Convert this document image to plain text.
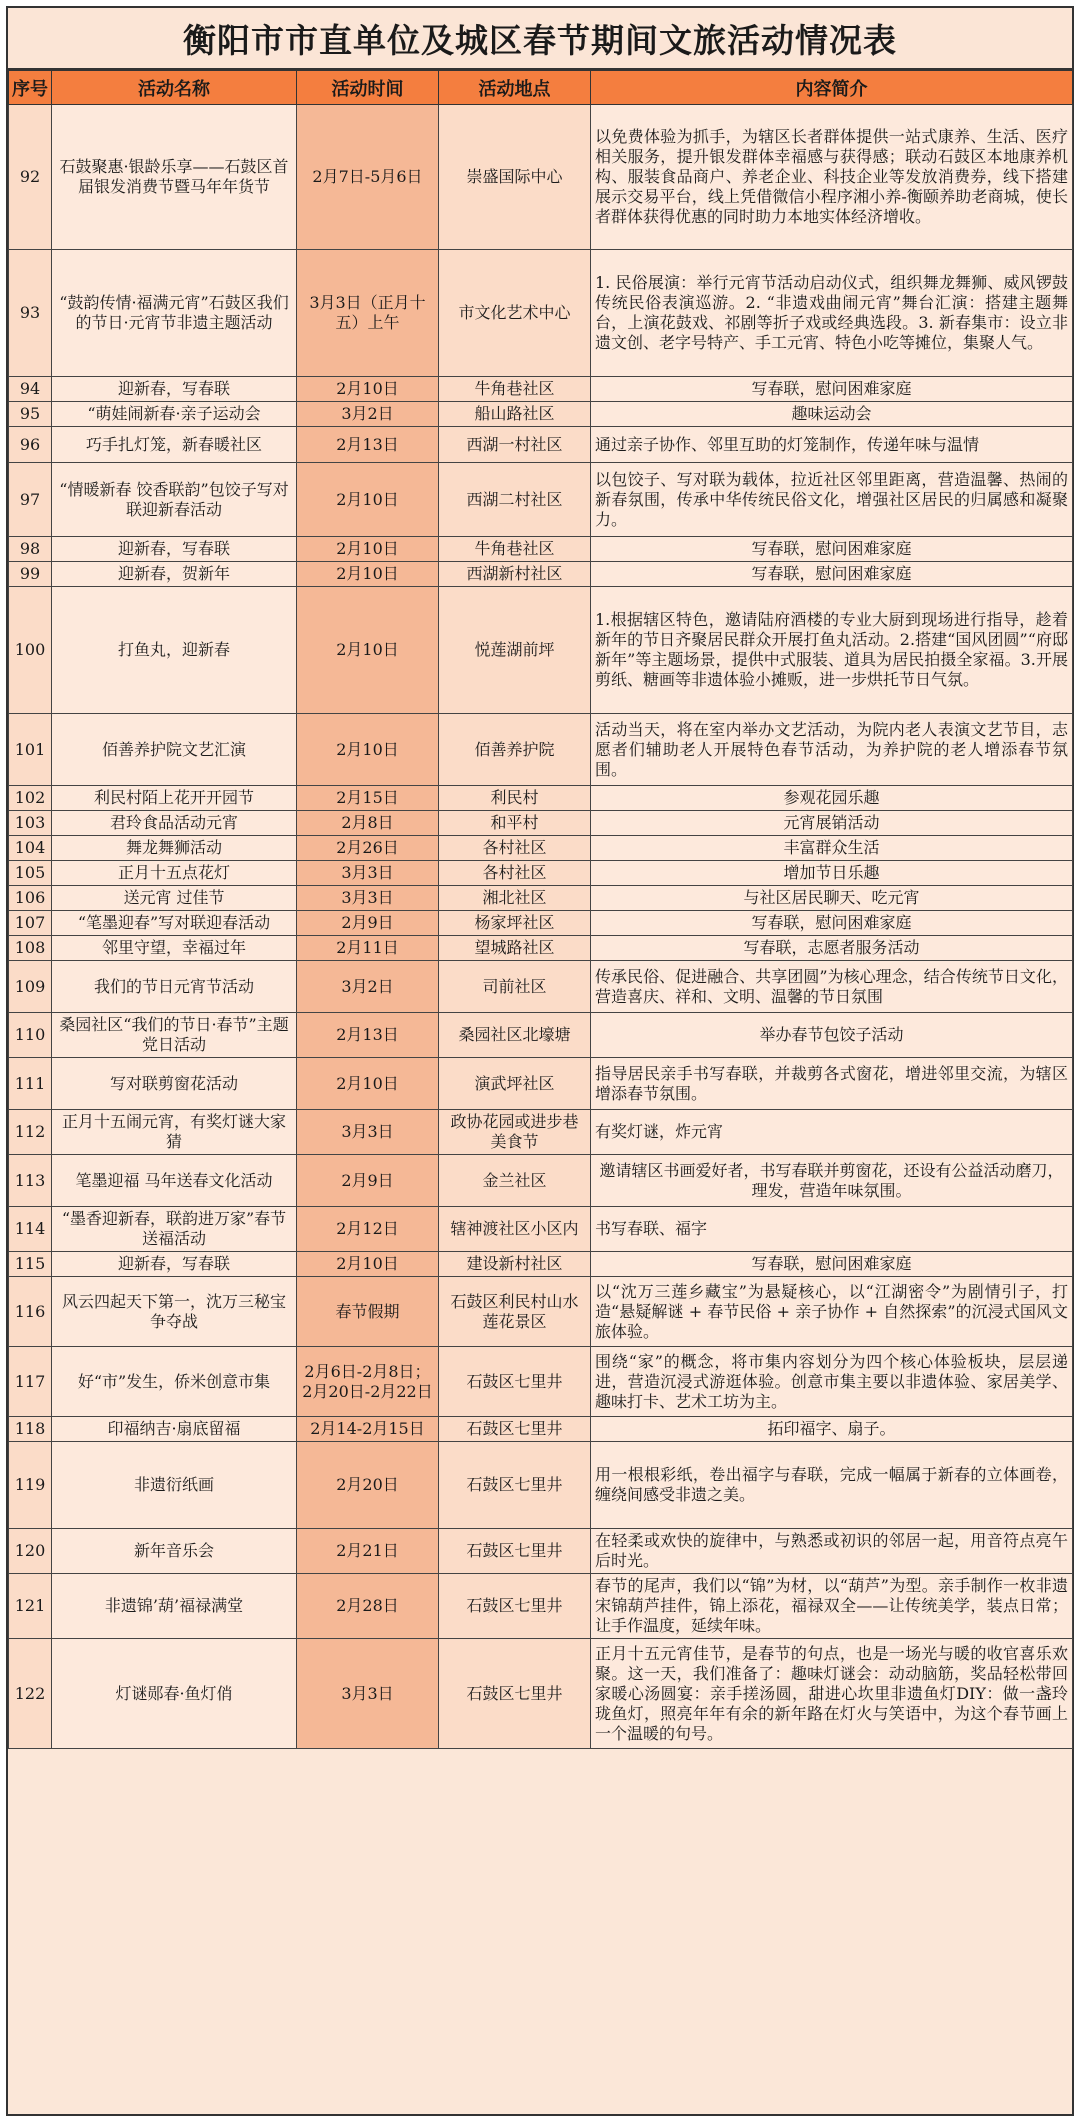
衡阳市市直单位及城区春节期间文旅活动情况表
序号	活动名称	活动时间	活动地点	内容简介
92	石鼓聚惠·银龄乐享——石鼓区首届银发消费节暨马年年货节	2月7日-5月6日	崇盛国际中心	以免费体验为抓手，为辖区长者群体提供一站式康养、生活、医疗相关服务，提升银发群体幸福感与获得感；联动石鼓区本地康养机构、服装食品商户、养老企业、科技企业等发放消费券，线下搭建展示交易平台，线上凭借微信小程序湘小养-衡颐养助老商城，使长者群体获得优惠的同时助力本地实体经济增收。
93	“鼓韵传情·福满元宵”石鼓区我们的节日·元宵节非遗主题活动	3月3日（正月十五）上午	市文化艺术中心	1. 民俗展演：举行元宵节活动启动仪式，组织舞龙舞狮、威风锣鼓传统民俗表演巡游。2. “非遗戏曲闹元宵”舞台汇演：搭建主题舞台，上演花鼓戏、祁剧等折子戏或经典选段。3. 新春集市：设立非遗文创、老字号特产、手工元宵、特色小吃等摊位，集聚人气。
94	迎新春，写春联	2月10日	牛角巷社区	写春联，慰问困难家庭
95	“萌娃闹新春·亲子运动会	3月2日	船山路社区	趣味运动会
96	巧手扎灯笼，新春暖社区	2月13日	西湖一村社区	通过亲子协作、邻里互助的灯笼制作，传递年味与温情
97	“情暖新春 饺香联韵”包饺子写对联迎新春活动	2月10日	西湖二村社区	以包饺子、写对联为载体，拉近社区邻里距离，营造温馨、热闹的新春氛围，传承中华传统民俗文化，增强社区居民的归属感和凝聚力。
98	迎新春，写春联	2月10日	牛角巷社区	写春联，慰问困难家庭
99	迎新春，贺新年	2月10日	西湖新村社区	写春联，慰问困难家庭
100	打鱼丸，迎新春	2月10日	悦莲湖前坪	1.根据辖区特色，邀请陆府酒楼的专业大厨到现场进行指导，趁着新年的节日齐聚居民群众开展打鱼丸活动。2.搭建“国风团圆”“府邸新年”等主题场景，提供中式服装、道具为居民拍摄全家福。3.开展剪纸、糖画等非遗体验小摊贩，进一步烘托节日气氛。
101	佰善养护院文艺汇演	2月10日	佰善养护院	活动当天，将在室内举办文艺活动，为院内老人表演文艺节目，志愿者们辅助老人开展特色春节活动，为养护院的老人增添春节氛围。
102	利民村陌上花开开园节	2月15日	利民村	参观花园乐趣
103	君玲食品活动元宵	2月8日	和平村	元宵展销活动
104	舞龙舞狮活动	2月26日	各村社区	丰富群众生活
105	正月十五点花灯	3月3日	各村社区	增加节日乐趣
106	送元宵 过佳节	3月3日	湘北社区	与社区居民聊天、吃元宵
107	“笔墨迎春”写对联迎春活动	2月9日	杨家坪社区	写春联，慰问困难家庭
108	邻里守望，幸福过年	2月11日	望城路社区	写春联，志愿者服务活动
109	我们的节日元宵节活动	3月2日	司前社区	传承民俗、促进融合、共享团圆”为核心理念，结合传统节日文化，营造喜庆、祥和、文明、温馨的节日氛围
110	桑园社区“我们的节日·春节”主题党日活动	2月13日	桑园社区北壕塘	举办春节包饺子活动
111	写对联剪窗花活动	2月10日	演武坪社区	指导居民亲手书写春联，并裁剪各式窗花，增进邻里交流，为辖区增添春节氛围。
112	正月十五闹元宵，有奖灯谜大家猜	3月3日	政协花园或进步巷美食节	有奖灯谜，炸元宵
113	笔墨迎福 马年送春文化活动	2月9日	金兰社区	邀请辖区书画爱好者，书写春联并剪窗花，还设有公益活动磨刀，理发，营造年味氛围。
114	“墨香迎新春，联韵进万家”春节送福活动	2月12日	辖神渡社区小区内	书写春联、福字
115	迎新春，写春联	2月10日	建设新村社区	写春联，慰问困难家庭
116	风云四起天下第一，沈万三秘宝争夺战	春节假期	石鼓区利民村山水莲花景区	以“沈万三莲乡藏宝”为悬疑核心，以“江湖密令”为剧情引子，打造“悬疑解谜 + 春节民俗 + 亲子协作 + 自然探索”的沉浸式国风文旅体验。
117	好“市”发生，侨米创意市集	2月6日-2月8日；2月20日-2月22日	石鼓区七里井	围绕“家”的概念，将市集内容划分为四个核心体验板块，层层递进，营造沉浸式游逛体验。创意市集主要以非遗体验、家居美学、趣味打卡、艺术工坊为主。
118	印福纳吉·扇底留福	2月14-2月15日	石鼓区七里井	拓印福字、扇子。
119	非遗衍纸画	2月20日	石鼓区七里井	用一根根彩纸，卷出福字与春联，完成一幅属于新春的立体画卷，缠绕间感受非遗之美。
120	新年音乐会	2月21日	石鼓区七里井	在轻柔或欢快的旋律中，与熟悉或初识的邻居一起，用音符点亮午后时光。
121	非遗锦’葫’福禄满堂	2月28日	石鼓区七里井	春节的尾声，我们以“锦”为材，以“葫芦”为型。亲手制作一枚非遗宋锦葫芦挂件，锦上添花，福禄双全——让传统美学，装点日常；让手作温度，延续年味。
122	灯谜郧春·鱼灯俏	3月3日	石鼓区七里井	正月十五元宵佳节，是春节的句点，也是一场光与暖的收官喜乐欢聚。这一天，我们准备了：趣味灯谜会：动动脑筋，奖品轻松带回家暖心汤圆宴：亲手搓汤圆，甜进心坎里非遗鱼灯DIY：做一盏玲珑鱼灯，照亮年年有余的新年路在灯火与笑语中，为这个春节画上一个温暖的句号。
